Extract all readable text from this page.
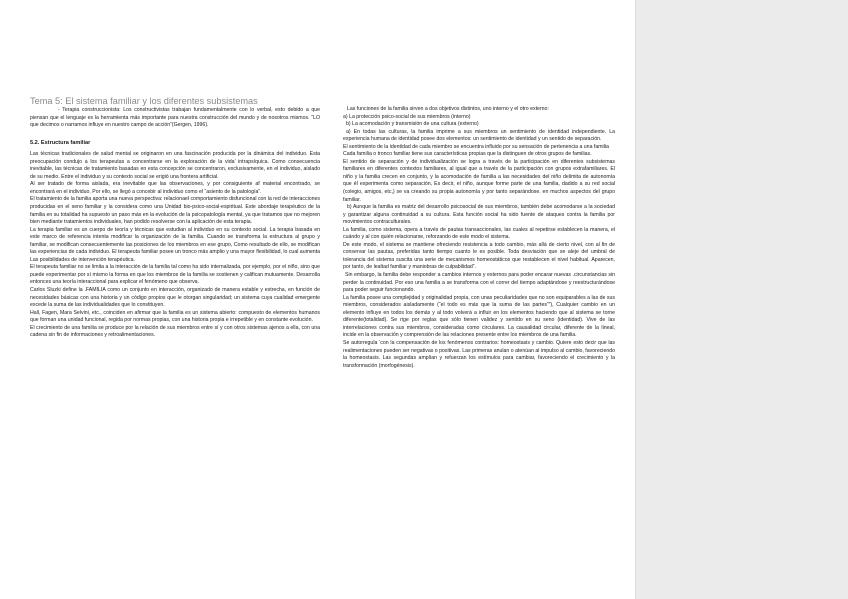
Tema 5: El sistema familiar y los diferentes subsistemas

- Terapia construccionista: Los constructivistas trabajan fundamentalmente con lo verbal, esto debido a que piensan que el lenguaje es la herramienta más importante para nuestra construcción del mundo y de nosotros mismos. “LO que decimos o narramos influye en nuestro campo de acción”(Gergen, 1996).

5.2. Estructura familiar

Las técnicas tradicionales de salud mental se originaron en una fascinación producida por la dinámica del individuo. Esta preocupación condujo a los terapeutas a concentrarse en la exploración de la vida’ intrapsíquica. Como consecuencia inevitable, las técnicas de tratamiento basadas en esta concepción se concentraron, exclusivamente, en el individuo, aislado de su medio. Entre el individuo y su contexto social se erigió una frontera artificial.

Al ser tratado de forma aislada, era inevitable que las observaciones, y por consiguiente af material encontrado, se encontrará en el individuo. Por ello, se llegó a concebir al individuo como el “asiento de la patología”.

El tratamiento de la familia aporta una nueva perspectiva: relacionael comportamiento disfuncional con la red de interacciones producidas en el seno familiar y la considera como una Unidad bio-psico-social-espiritual. Este abordaje terapéutico de la familia en su totalidad ha supuesto un paso más en la evolución de la psicopatología mental, ya que tratamos que no mejoren bien mediante tratamientos individuales, han podido resolverse con la aplicación de esta terapia.

La terapia familiar es un cuerpo de teoría y técnicas que estudian al individuo en su contexto social. La terapia basada en este marco de referencia intenta modificar la organización de la familia. Cuando se transforma la estructura al grupo y familiar, se modifican consecuentemente las posiciones de los miembros en ese grupo, Como resultado de ello, se modifican las experiencias de cada individuo. El terapeuta familiar posee un tronco más amplio y una mayor flexibilidad, lo cual aumenta Las posibilidades de intervención terapéutica.

El terapeuta familiar no se limita a la interacción de la familia tal como ha sido internalizada, por ejemplo, por el niño, sino que puede experimentar por sí mismo la forma en que los miembros de la familia se sostienen y califican mutuamente. Desarrolla entonces una teoría interaccional para explicar el fenómeno que observa.

Carlos Sluzki define la .FAMILIA como un conjunto en interacción, organizado de manera estable y estrecha, en función de necesidades básicas con una historia y un código propios que le otorgan singularidad; un sistema cuya cualidad emergente excede la suma de las individualidades que lo constituyen.

Hall, Fagen, Mara Selvini, etc., coinciden en afirmar que la familia es un sistema abierto: compuesto de elementos humanos que forman una unidad funcional, regida por normas propias, con una historia propia e irrepetible y en constante evolución.

El crecimiento de una familia se produce por la relación de sus miembros entre sí y con otros sistemas ajenos a ella, con una cadena sin fin de informaciones y retroalimentaciones.

Las funciones de la familia sirven a dos objetivos distintos, uno interno y el otro externo:

a) La protección psico-social de sus miembros (interno)

b) La acomodación y transmisión de una cultura (externo)

a) En todas las culturas, la familia imprime a sus miembros un sentimiento de identidad independiente. La experiencia humana de identidad posee dos elementos: un sentimiento de identidad y un sentido de separación.

El sentimiento de la identidad de cada miembro se encuentra influido por su sensación de pertenencia a una familia

Cada familia o tronco familiar tiene sus características propias que la distinguen de otros grupos de familias.

El sentido de separación y de individualización se logra a través de la participación en diferentes subsistemas familiares en diferentes contextos familiares, al igual que a través de la participación con grupos extrafamiliares. El niño y la familia crecen en conjunto, y la acomodación de familia a las necesidades del niño delimita de autonomía que él experimenta como separación, Es decir, el niño, aunque forme parte de una familia, dadido a su red social (colegio, amigos, etc,) se va creando su propia autonomía y por tanto separándose. en muchos aspectos del grupo familiar.

b) Aunque la familia es matriz del desarrollo psicosocial de sus miembros, también debe acomodarse a la sociedad y garantizar alguna continuidad a su cultura. Esta función social ha sido fuente de ataques contra la familia por movimientos contraculturales.

La familia, como sistema, opera a través de pautas transaccionales, las cuales al repetirse establecen la manera, el cuándo y al con quién relacionarse, reforzando de este modo el sistema.

De este modo, el sistema se mantiene ofreciendo resistencia a todo cambio, más allá de cierto nivel, con al fin de conservar las pautas, preferidas tanto tiempo cuanto le es posible. Toda desviación que se aleje del umbral de tolerancia del sistema suscita una serie de mecanismos homeostáticos que restablecen el nivel habitual. Aparecen, por tanto, de lealtad familiar y maniobras de culpabilidad”.

Sin embargo, la familia debe responder a cambios internos y externos para poder encarar nuevas .circunstancias sin perder la continuidad. Por eso una familia a se transforma con el correr del tiempo adaptándose y reestructurándose para poder seguir funcionando.

La familia posee una complejidad y originalidad propia, con unas peculiaridades que no son equiparables a las de sus miembros, considerados aisladamente (“el todo es más que la suma de las partes””), Cualquier cambio en un elemento influye en todos los demás y al todo volverá a influir en los elementos haciendo que al sistema se torne diferente(totalidad). Se rige por reglas que sólo tienen validez y sentido en su seno (identidad). Vive de las interrelaciones contra sus miembros, consideradas como circulares. La causalidad circular, diferente de la lineal, incide en la observación y comprensión de las relaciones presente entre los miembros de una familia.

Se autorregula ‘con la compensación de los fenómenos contrarios: homeostasis y cambio. Quiere esto decir que las realimentaciones pueden ser negativas o positivas. Las primeras anulan o atenúan al impulso al cambio, favoreciendo la homeostasis. Las segundas amplían y refuerzan los estímulos para cambiar, favoreciendo el crecimiento y la transformación (morfogénesis).
